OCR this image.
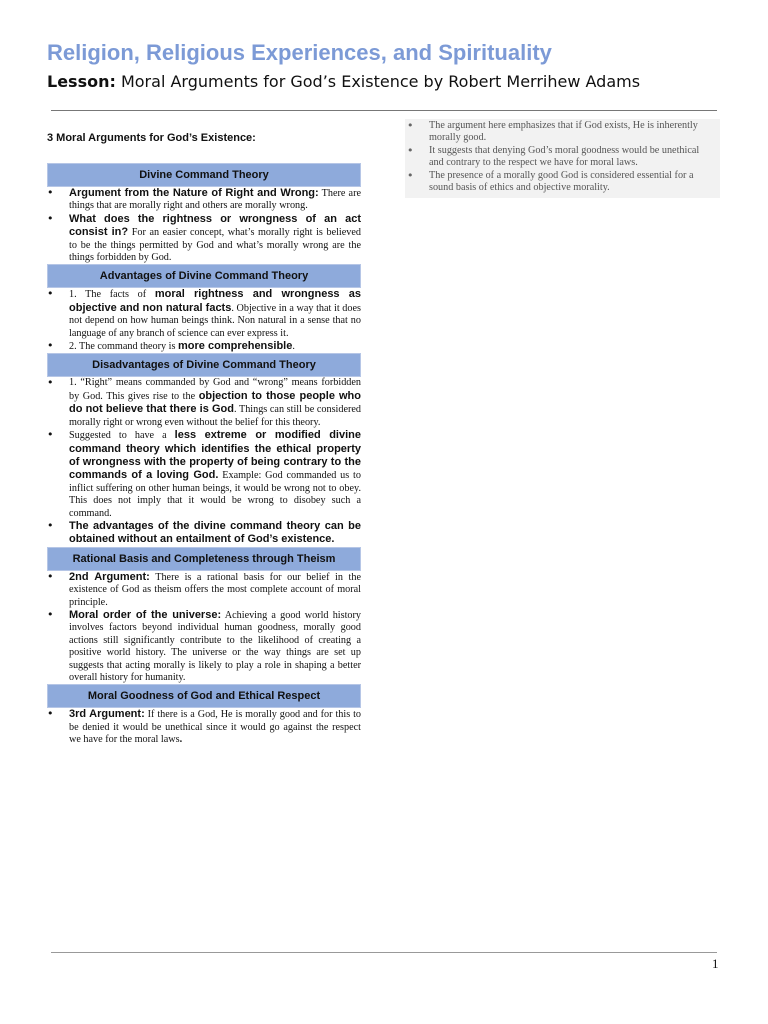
Religion, Religious Experiences, and Spirituality
Lesson: Moral Arguments for God’s Existence by Robert Merrihew Adams
3 Moral Arguments for God’s Existence:
Divine Command Theory
• Argument from the Nature of Right and Wrong: There are things that are morally right and others are morally wrong.
• What does the rightness or wrongness of an act consist in? For an easier concept, what’s morally right is believed to be the things permitted by God and what’s morally wrong are the things forbidden by God.
Advantages of Divine Command Theory
• 1. The facts of moral rightness and wrongness as objective and non natural facts. Objective in a way that it does not depend on how human beings think. Non natural in a sense that no language of any branch of science can ever express it.
• 2. The command theory is more comprehensible.
Disadvantages of Divine Command Theory
• 1. “Right” means commanded by God and “wrong” means forbidden by God. This gives rise to the objection to those people who do not believe that there is God. Things can still be considered morally right or wrong even without the belief for this theory.
• Suggested to have a less extreme or modified divine command theory which identifies the ethical property of wrongness with the property of being contrary to the commands of a loving God. Example: God commanded us to inflict suffering on other human beings, it would be wrong not to obey. This does not imply that it would be wrong to disobey such a command.
• The advantages of the divine command theory can be obtained without an entailment of God’s existence.
Rational Basis and Completeness through Theism
• 2nd Argument: There is a rational basis for our belief in the existence of God as theism offers the most complete account of moral principle.
• Moral order of the universe: Achieving a good world history involves factors beyond individual human goodness, morally good actions still significantly contribute to the likelihood of creating a positive world history. The universe or the way things are set up suggests that acting morally is likely to play a role in shaping a better overall history for humanity.
Moral Goodness of God and Ethical Respect
• 3rd Argument: If there is a God, He is morally good and for this to be denied it would be unethical since it would go against the respect we have for the moral laws.
• The argument here emphasizes that if God exists, He is inherently morally good.
• It suggests that denying God’s moral goodness would be unethical and contrary to the respect we have for moral laws.
• The presence of a morally good God is considered essential for a sound basis of ethics and objective morality.
1
